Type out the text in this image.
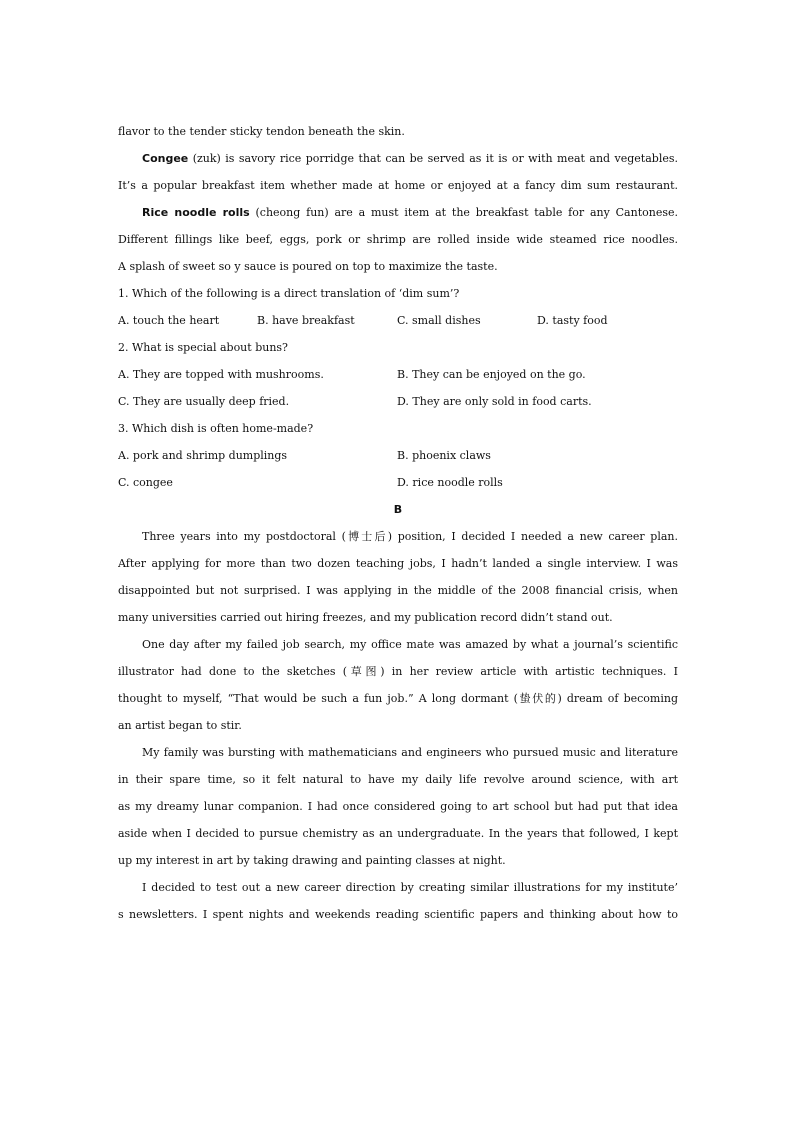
flavor to the tender sticky tendon beneath the skin.
Congee (zuk) is savory rice porridge that can be served as it is or with meat and vegetables.
It’s a popular breakfast item whether made at home or enjoyed at a fancy dim sum restaurant.
Rice noodle rolls (cheong fun) are a must item at the breakfast table for any Cantonese.
Different fillings like beef, eggs, pork or shrimp are rolled inside wide steamed rice noodles.
A splash of sweet so y sauce is poured on top to maximize the taste.
1. Which of the following is a direct translation of ‘dim sum’?
A. touch the heart	B. have breakfast	C. small dishes	D. tasty food
2. What is special about buns?
A. They are topped with mushrooms.	B. They can be enjoyed on the go.
C. They are usually deep fried.	D. They are only sold in food carts.
3. Which dish is often home-made?
A. pork and shrimp dumplings	B. phoenix claws
C. congee	D. rice noodle rolls
B
Three years into my postdoctoral (博士后) position, I decided I needed a new career plan.
After applying for more than two dozen teaching jobs, I hadn’t landed a single interview. I was
disappointed but not surprised. I was applying in the middle of the 2008 financial crisis, when
many universities carried out hiring freezes, and my publication record didn’t stand out.
One day after my failed job search, my office mate was amazed by what a journal’s scientific
illustrator had done to the sketches (草图) in her review article with artistic techniques. I
thought to myself, “That would be such a fun job.” A long dormant (蛰伏的) dream of becoming
an artist began to stir.
My family was bursting with mathematicians and engineers who pursued music and literature
in their spare time, so it felt natural to have my daily life revolve around science, with art
as my dreamy lunar companion. I had once considered going to art school but had put that idea
aside when I decided to pursue chemistry as an undergraduate. In the years that followed, I kept
up my interest in art by taking drawing and painting classes at night.
I decided to test out a new career direction by creating similar illustrations for my institute’
s newsletters. I spent nights and weekends reading scientific papers and thinking about how to
